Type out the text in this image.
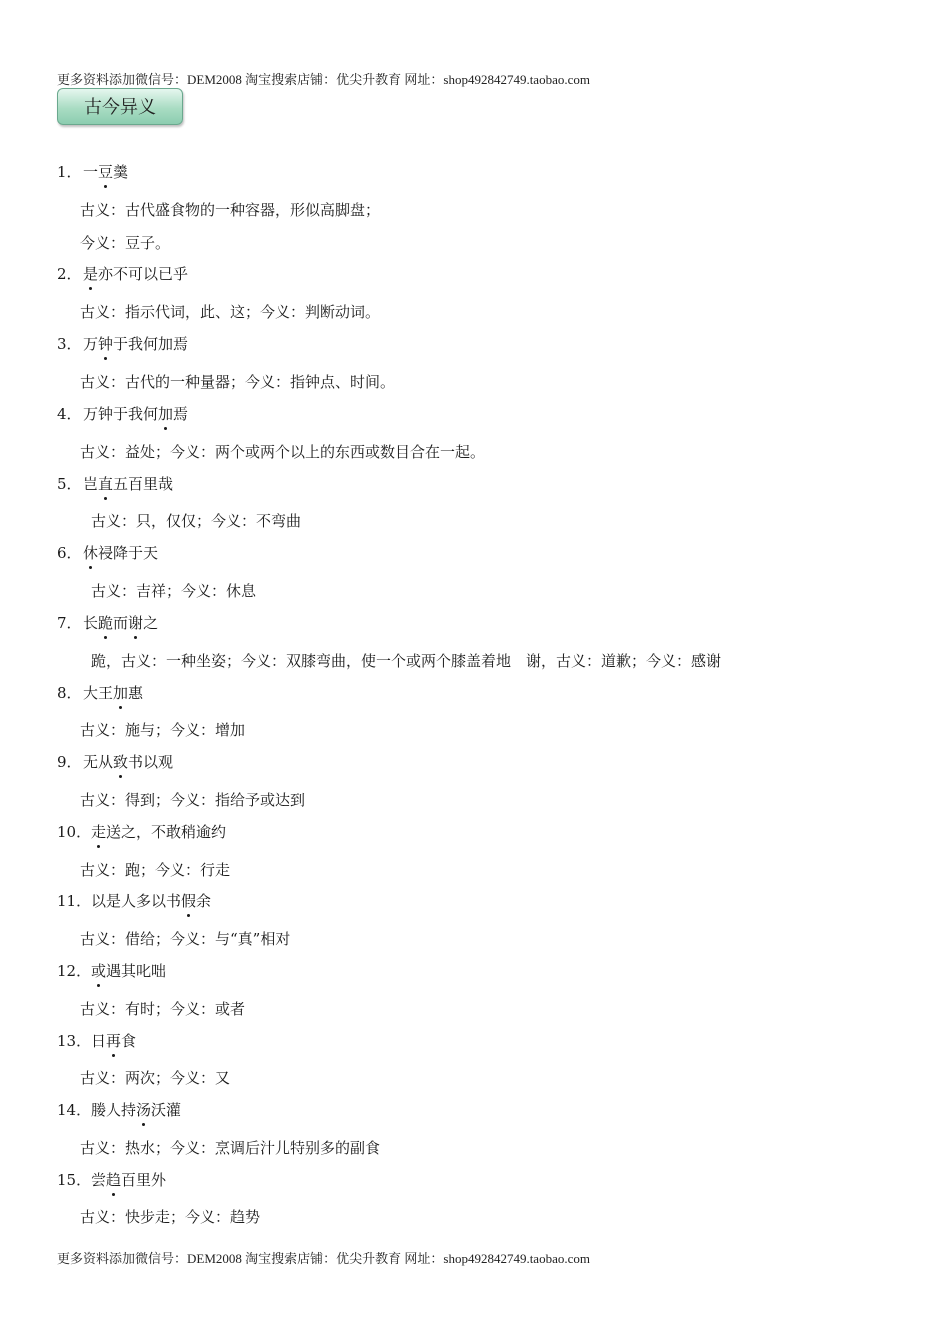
更多资料添加微信号：DEM2008 淘宝搜索店铺：优尖升教育 网址：shop492842749.taobao.com
古今异义
1．一豆羹
古义：古代盛食物的一种容器，形似高脚盘；
今义：豆子。
2．是亦不可以已乎
古义：指示代词，此、这；今义：判断动词。
3．万钟于我何加焉
古义：古代的一种量器；今义：指钟点、时间。
4．万钟于我何加焉
古义：益处；今义：两个或两个以上的东西或数目合在一起。
5．岂直五百里哉
古义：只，仅仅；今义：不弯曲
6．休祲降于天
古义：吉祥；今义：休息
7．长跪而谢之
跪，古义：一种坐姿；今义：双膝弯曲，使一个或两个膝盖着地　谢，古义：道歉；今义：感谢
8．大王加惠
古义：施与；今义：增加
9．无从致书以观
古义：得到；今义：指给予或达到
10．走送之，不敢稍逾约
古义：跑；今义：行走
11．以是人多以书假余
古义：借给；今义：与“真”相对
12．或遇其叱咄
古义：有时；今义：或者
13．日再食
古义：两次；今义：又
14．媵人持汤沃灌
古义：热水；今义：烹调后汁儿特别多的副食
15．尝趋百里外
古义：快步走；今义：趋势
更多资料添加微信号：DEM2008 淘宝搜索店铺：优尖升教育 网址：shop492842749.taobao.com
